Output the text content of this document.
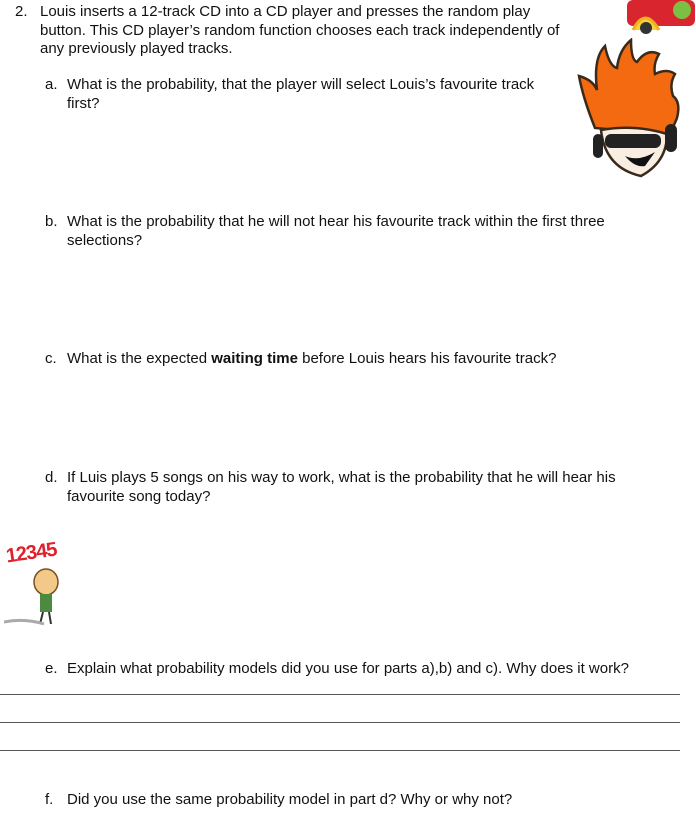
2. Louis inserts a 12-track CD into a CD player and presses the random play button. This CD player’s random function chooses each track independently of any previously played tracks.
a. What is the probability, that the player will select Louis’s favourite track first?
b. What is the probability that he will not hear his favourite track within the first three selections?
c. What is the expected waiting time before Louis hears his favourite track?
d. If Luis plays 5 songs on his way to work, what is the probability that he will hear his favourite song today?
e. Explain what probability models did you use for parts a),b) and c). Why does it work?
f. Did you use the same probability model in part d? Why or why not?
12345
